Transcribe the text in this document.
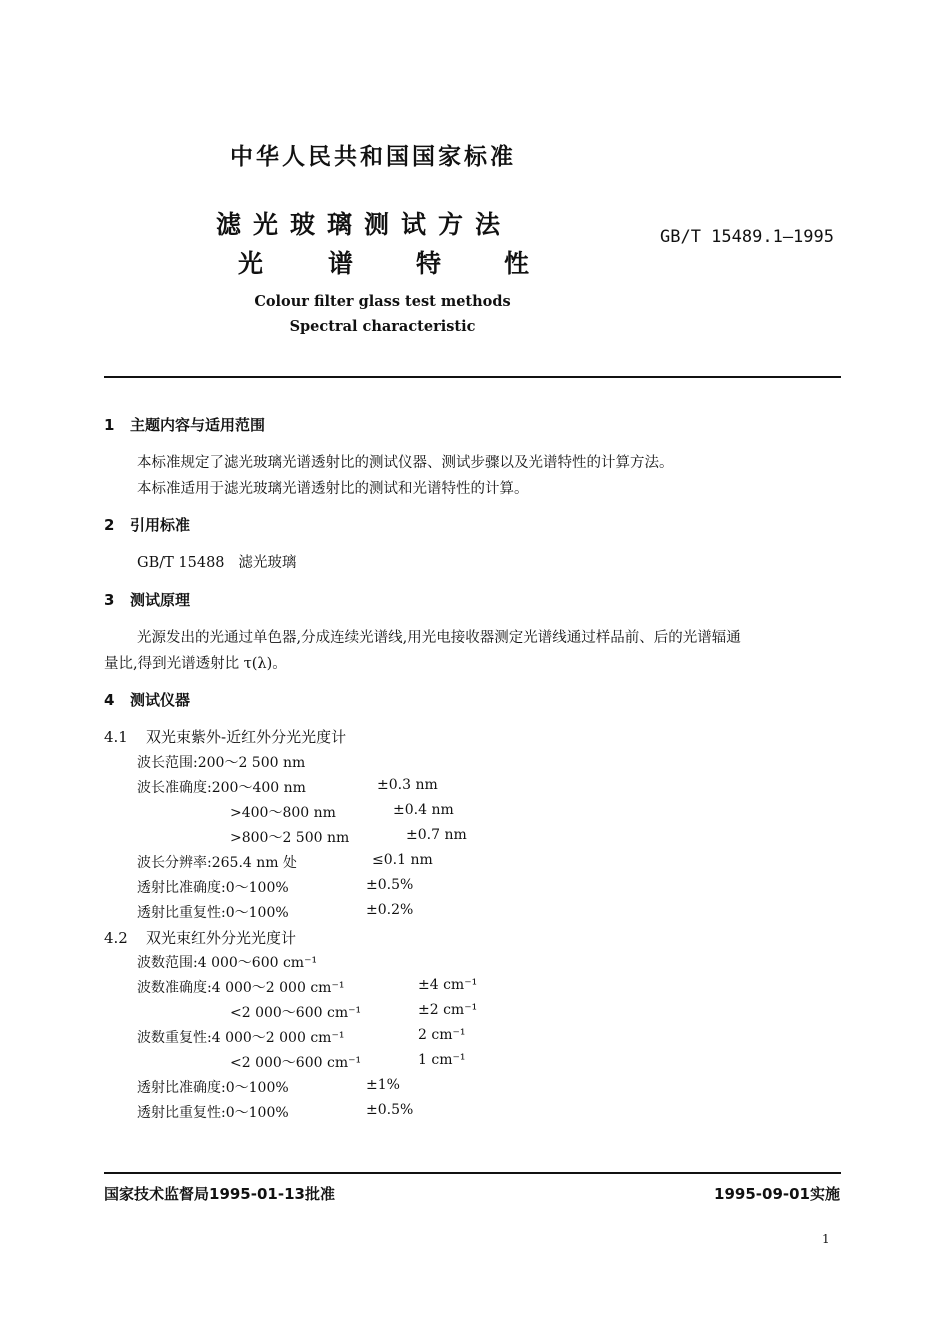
中华人民共和国国家标准
滤光玻璃测试方法
光	谱	特	性
GB/T 15489.1—1995
Colour filter glass test methods
Spectral characteristic
1 主题内容与适用范围
本标准规定了滤光玻璃光谱透射比的测试仪器、测试步骤以及光谱特性的计算方法。
本标准适用于滤光玻璃光谱透射比的测试和光谱特性的计算。
2 引用标准
GB/T 15488   滤光玻璃
3 测试原理
光源发出的光通过单色器,分成连续光谱线,用光电接收器测定光谱线通过样品前、后的光谱辐通
量比,得到光谱透射比 τ(λ)。
4 测试仪器
4.1 双光束紫外-近红外分光光度计
波长范围:200～2 500 nm
波长准确度:200～400 nm	±0.3 nm
>400～800 nm	±0.4 nm
>800～2 500 nm	±0.7 nm
波长分辨率:265.4 nm 处	≤0.1 nm
透射比准确度:0～100%	±0.5%
透射比重复性:0～100%	±0.2%
4.2 双光束红外分光光度计
波数范围:4 000～600 cm⁻¹
波数准确度:4 000～2 000 cm⁻¹	±4 cm⁻¹
<2 000～600 cm⁻¹	±2 cm⁻¹
波数重复性:4 000～2 000 cm⁻¹	2 cm⁻¹
<2 000～600 cm⁻¹	1 cm⁻¹
透射比准确度:0～100%	±1%
透射比重复性:0～100%	±0.5%
国家技术监督局1995-01-13批准	1995-09-01实施
1
